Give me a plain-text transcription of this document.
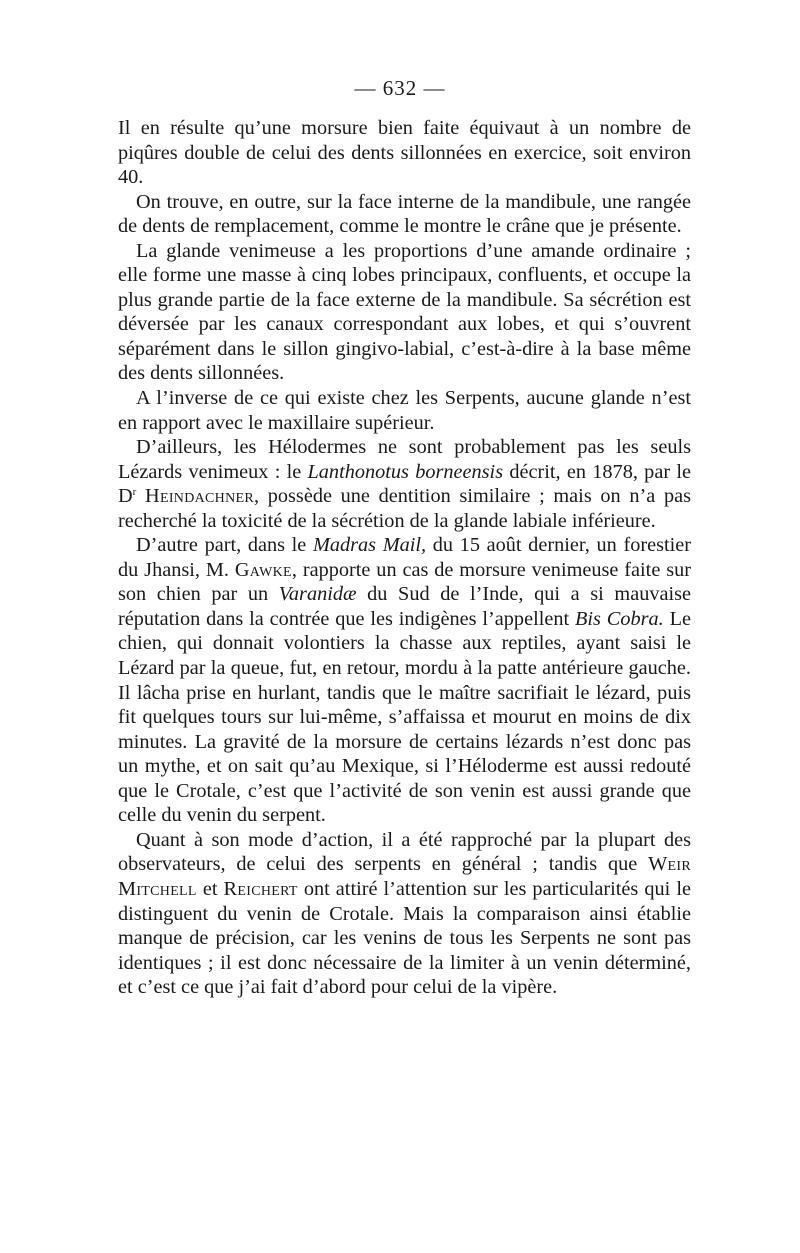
— 632 —

Il en résulte qu’une morsure bien faite équivaut à un nombre de piqûres double de celui des dents sillonnées en exercice, soit environ 40.

On trouve, en outre, sur la face interne de la mandibule, une rangée de dents de remplacement, comme le montre le crâne que je présente.

La glande venimeuse a les proportions d’une amande ordinaire ; elle forme une masse à cinq lobes principaux, confluents, et occupe la plus grande partie de la face externe de la mandibule. Sa sécrétion est déversée par les canaux correspondant aux lobes, et qui s’ouvrent séparément dans le sillon gingivo-labial, c’est-à-dire à la base même des dents sillonnées.

A l’inverse de ce qui existe chez les Serpents, aucune glande n’est en rapport avec le maxillaire supérieur.

D’ailleurs, les Hélodermes ne sont probablement pas les seuls Lézards venimeux : le Lanthonotus borneensis décrit, en 1878, par le $D^r$ Heindachner, possède une dentition similaire ; mais on n’a pas recherché la toxicité de la sécrétion de la glande labiale inférieure.

D’autre part, dans le Madras Mail, du 15 août dernier, un forestier du Jhansi, M. Gawke, rapporte un cas de morsure venimeuse faite sur son chien par un Varanidæ du Sud de l’Inde, qui a si mauvaise réputation dans la contrée que les indigènes l’appellent Bis Cobra. Le chien, qui donnait volontiers la chasse aux reptiles, ayant saisi le Lézard par la queue, fut, en retour, mordu à la patte antérieure gauche. Il lâcha prise en hurlant, tandis que le maître sacrifiait le lézard, puis fit quelques tours sur lui-même, s’affaissa et mourut en moins de dix minutes. La gravité de la morsure de certains lézards n’est donc pas un mythe, et on sait qu’au Mexique, si l’Héloderme est aussi redouté que le Crotale, c’est que l’activité de son venin est aussi grande que celle du venin du serpent.

Quant à son mode d’action, il a été rapproché par la plupart des observateurs, de celui des serpents en général ; tandis que Weir Mitchell et Reichert ont attiré l’attention sur les particularités qui le distinguent du venin de Crotale. Mais la comparaison ainsi établie manque de précision, car les venins de tous les Serpents ne sont pas identiques ; il est donc nécessaire de la limiter à un venin déterminé, et c’est ce que j’ai fait d’abord pour celui de la vipère.
